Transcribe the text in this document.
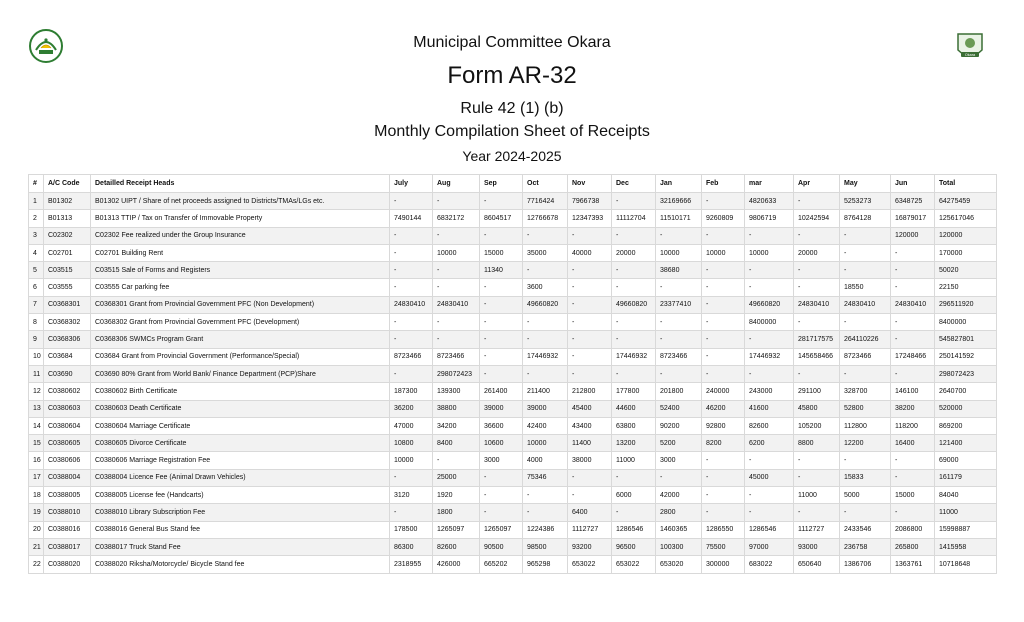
Okara
Municipal Committee Okara
Form AR-32
Rule 42 (1) (b)
Monthly Compilation Sheet of Receipts
Year 2024-2025
#	A/C Code	Detailled Receipt Heads	July	Aug	Sep	Oct	Nov	Dec	Jan	Feb	mar	Apr	May	Jun	Total
1	B01302	B01302 UIPT / Share of net proceeds assigned to Districts/TMAs/LGs etc.	-	-	-	7716424	7966738	-	32169666	-	4820633	-	5253273	6348725	64275459
2	B01313	B01313 TTIP / Tax on Transfer of Immovable Property	7490144	6832172	8604517	12766678	12347393	11112704	11510171	9260809	9806719	10242594	8764128	16879017	125617046
3	C02302	C02302 Fee realized under the Group Insurance	-	-	-	-	-	-	-	-	-	-	-	120000	120000
4	C02701	C02701 Building Rent	-	10000	15000	35000	40000	20000	10000	10000	10000	20000	-	-	170000
5	C03515	C03515 Sale of Forms and Registers	-	-	11340	-	-	-	38680	-	-	-	-	-	50020
6	C03555	C03555 Car parking fee	-	-	-	3600	-	-	-	-	-	-	18550	-	22150
7	C0368301	C0368301 Grant from Provincial Government PFC (Non Development)	24830410	24830410	-	49660820	-	49660820	23377410	-	49660820	24830410	24830410	24830410	296511920
8	C0368302	C0368302 Grant from Provincial Government PFC (Development)	-	-	-	-	-	-	-	-	8400000	-	-	-	8400000
9	C0368306	C0368306 SWMCs Program Grant	-	-	-	-	-	-	-	-	-	281717575	264110226	-	545827801
10	C03684	C03684 Grant from Provincial Government (Performance/Special)	8723466	8723466	-	17446932	-	17446932	8723466	-	17446932	145658466	8723466	17248466	250141592
11	C03690	C03690 80% Grant from World Bank/ Finance Department (PCP)Share	-	298072423	-	-	-	-	-	-	-	-	-	-	298072423
12	C0380602	C0380602 Birth Certificate	187300	139300	261400	211400	212800	177800	201800	240000	243000	291100	328700	146100	2640700
13	C0380603	C0380603 Death Certificate	36200	38800	39000	39000	45400	44600	52400	46200	41600	45800	52800	38200	520000
14	C0380604	C0380604 Marriage Certificate	47000	34200	36600	42400	43400	63800	90200	92800	82600	105200	112800	118200	869200
15	C0380605	C0380605 Divorce Certificate	10800	8400	10600	10000	11400	13200	5200	8200	6200	8800	12200	16400	121400
16	C0380606	C0380606 Marriage Registration Fee	10000	-	3000	4000	38000	11000	3000	-	-	-	-	-	69000
17	C0388004	C0388004 Licence Fee (Animal Drawn Vehicles)	-	25000	-	75346	-	-	-	-	45000	-	15833	-	161179
18	C0388005	C0388005 License fee (Handcarts)	3120	1920	-	-	-	6000	42000	-	-	11000	5000	15000	84040
19	C0388010	C0388010 Library Subscription Fee	-	1800	-	-	6400	-	2800	-	-	-	-	-	11000
20	C0388016	C0388016 General Bus Stand fee	178500	1265097	1265097	1224386	1112727	1286546	1460365	1286550	1286546	1112727	2433546	2086800	15998887
21	C0388017	C0388017 Truck Stand Fee	86300	82600	90500	98500	93200	96500	100300	75500	97000	93000	236758	265800	1415958
22	C0388020	C0388020 Riksha/Motorcycle/ Bicycle Stand fee	2318955	426000	665202	965298	653022	653022	653020	300000	683022	650640	1386706	1363761	10718648
